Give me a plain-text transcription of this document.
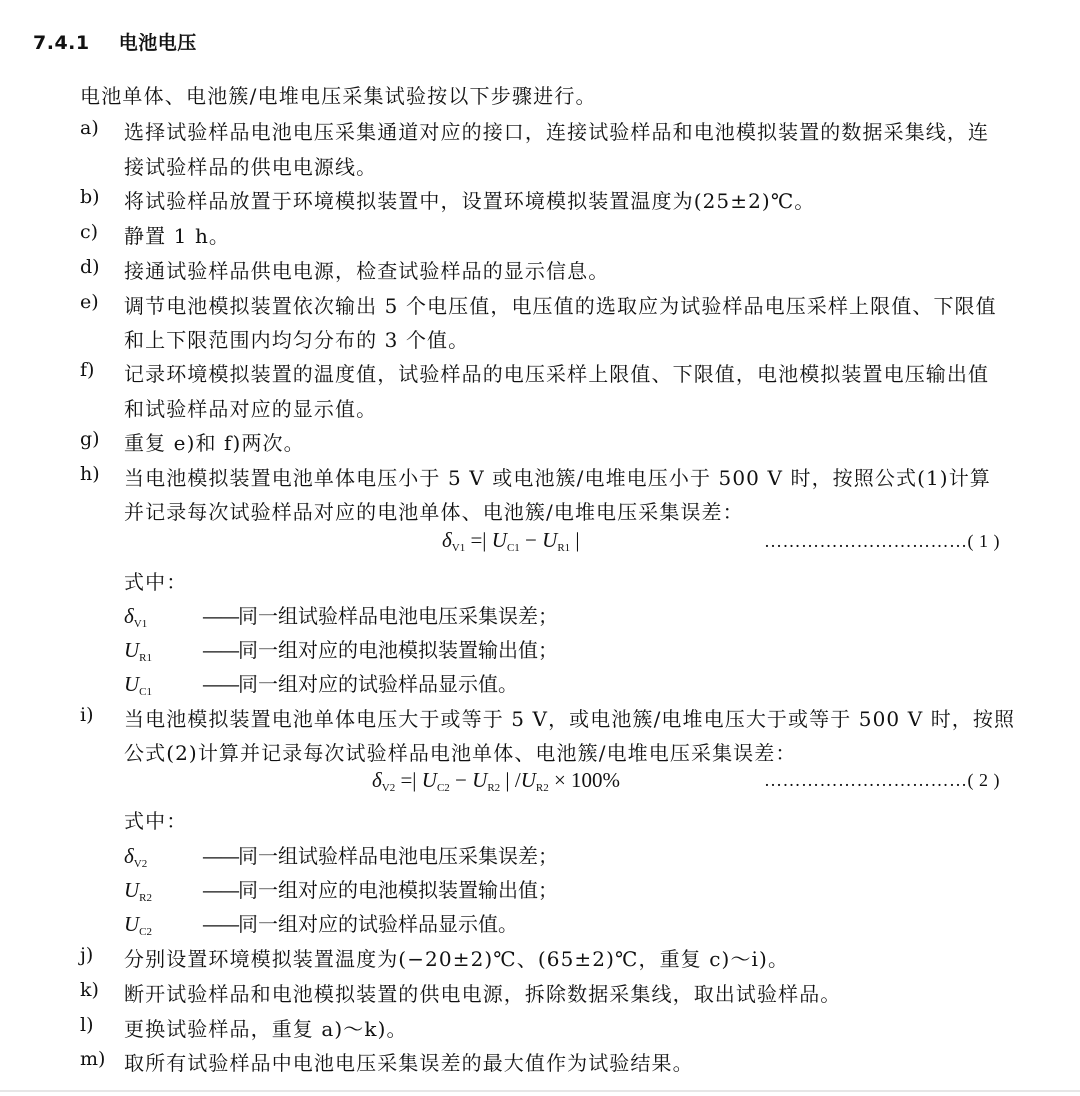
7.4.1 电池电压
电池单体、电池簇/电堆电压采集试验按以下步骤进行。
a) 选择试验样品电池电压采集通道对应的接口，连接试验样品和电池模拟装置的数据采集线，连
接试验样品的供电电源线。
b) 将试验样品放置于环境模拟装置中，设置环境模拟装置温度为(25±2)℃。
c) 静置 1 h。
d) 接通试验样品供电电源，检查试验样品的显示信息。
e) 调节电池模拟装置依次输出 5 个电压值，电压值的选取应为试验样品电压采样上限值、下限值
和上下限范围内均匀分布的 3 个值。
f) 记录环境模拟装置的温度值，试验样品的电压采样上限值、下限值，电池模拟装置电压输出值
和试验样品对应的显示值。
g) 重复 e)和 f)两次。
h) 当电池模拟装置电池单体电压小于 5 V 或电池簇/电堆电压小于 500 V 时，按照公式(1)计算
并记录每次试验样品对应的电池单体、电池簇/电堆电压采集误差：
$\delta_{V1}$ =| $U_{C1} - U_{R1}$ |	……………………………( 1 )
式中：
$\delta_{V1}$	——同一组试验样品电池电压采集误差；
$U_{R1}$ ——同一组对应的电池模拟装置输出值；
$U_{C1}$ ——同一组对应的试验样品显示值。
i) 当电池模拟装置电池单体电压大于或等于 5 V，或电池簇/电堆电压大于或等于 500 V 时，按照
公式(2)计算并记录每次试验样品电池单体、电池簇/电堆电压采集误差：
$\delta_{V2}$ =| $U_{C2} - U_{R2}$ | $/U_{R2} \times 100\%$	……………………………( 2 )
式中：
$\delta_{V2}$	——同一组试验样品电池电压采集误差；
$U_{R2}$ ——同一组对应的电池模拟装置输出值；
$U_{C2}$ ——同一组对应的试验样品显示值。
j) 分别设置环境模拟装置温度为(−20±2)℃、(65±2)℃，重复 c)～i)。
k) 断开试验样品和电池模拟装置的供电电源，拆除数据采集线，取出试验样品。
l) 更换试验样品，重复 a)～k)。
m) 取所有试验样品中电池电压采集误差的最大值作为试验结果。
